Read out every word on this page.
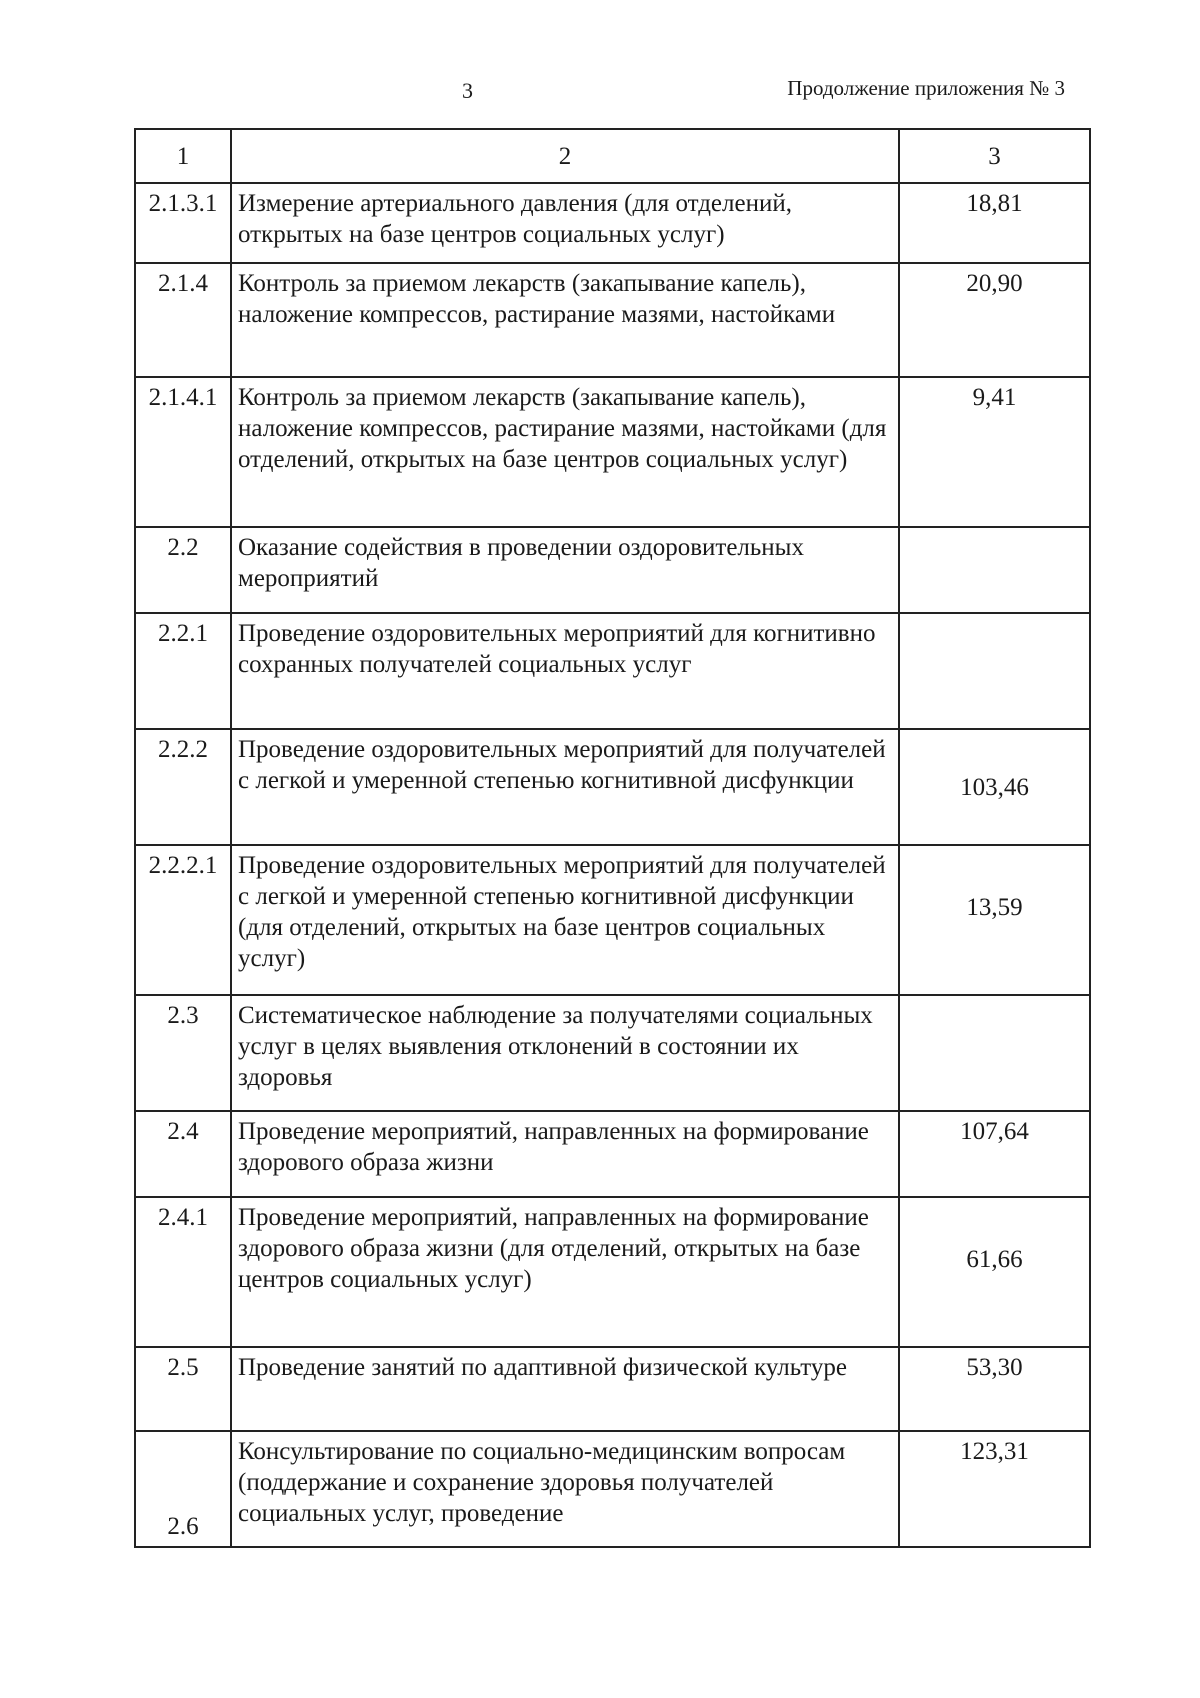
3	Продолжение приложения № 3
1	2	3
2.1.3.1	Измерение артериального давления (для отделений, открытых на базе центров социальных услуг)	18,81
2.1.4	Контроль за приемом лекарств (закапывание капель), наложение компрессов, растирание мазями, настойками	20,90
2.1.4.1	Контроль за приемом лекарств (закапывание капель), наложение компрессов, растирание мазями, настойками (для отделений, открытых на базе центров социальных услуг)	9,41
2.2	Оказание содействия в проведении оздоровительных мероприятий	
2.2.1	Проведение оздоровительных мероприятий для когнитивно сохранных получателей социальных услуг	
2.2.2	Проведение оздоровительных мероприятий для получателей с легкой и умеренной степенью когнитивной дисфункции	103,46
2.2.2.1	Проведение оздоровительных мероприятий для получателей с легкой и умеренной степенью когнитивной дисфункции (для отделений, открытых на базе центров социальных услуг)	13,59
2.3	Систематическое наблюдение за получателями социальных услуг в целях выявления отклонений в состоянии их здоровья	
2.4	Проведение мероприятий, направленных на формирование здорового образа жизни	107,64
2.4.1	Проведение мероприятий, направленных на формирование здорового образа жизни (для отделений, открытых на базе центров социальных услуг)	61,66
2.5	Проведение занятий по адаптивной физической культуре	53,30
2.6	Консультирование по социально-медицинским вопросам (поддержание и сохранение здоровья получателей социальных услуг, проведение	123,31
